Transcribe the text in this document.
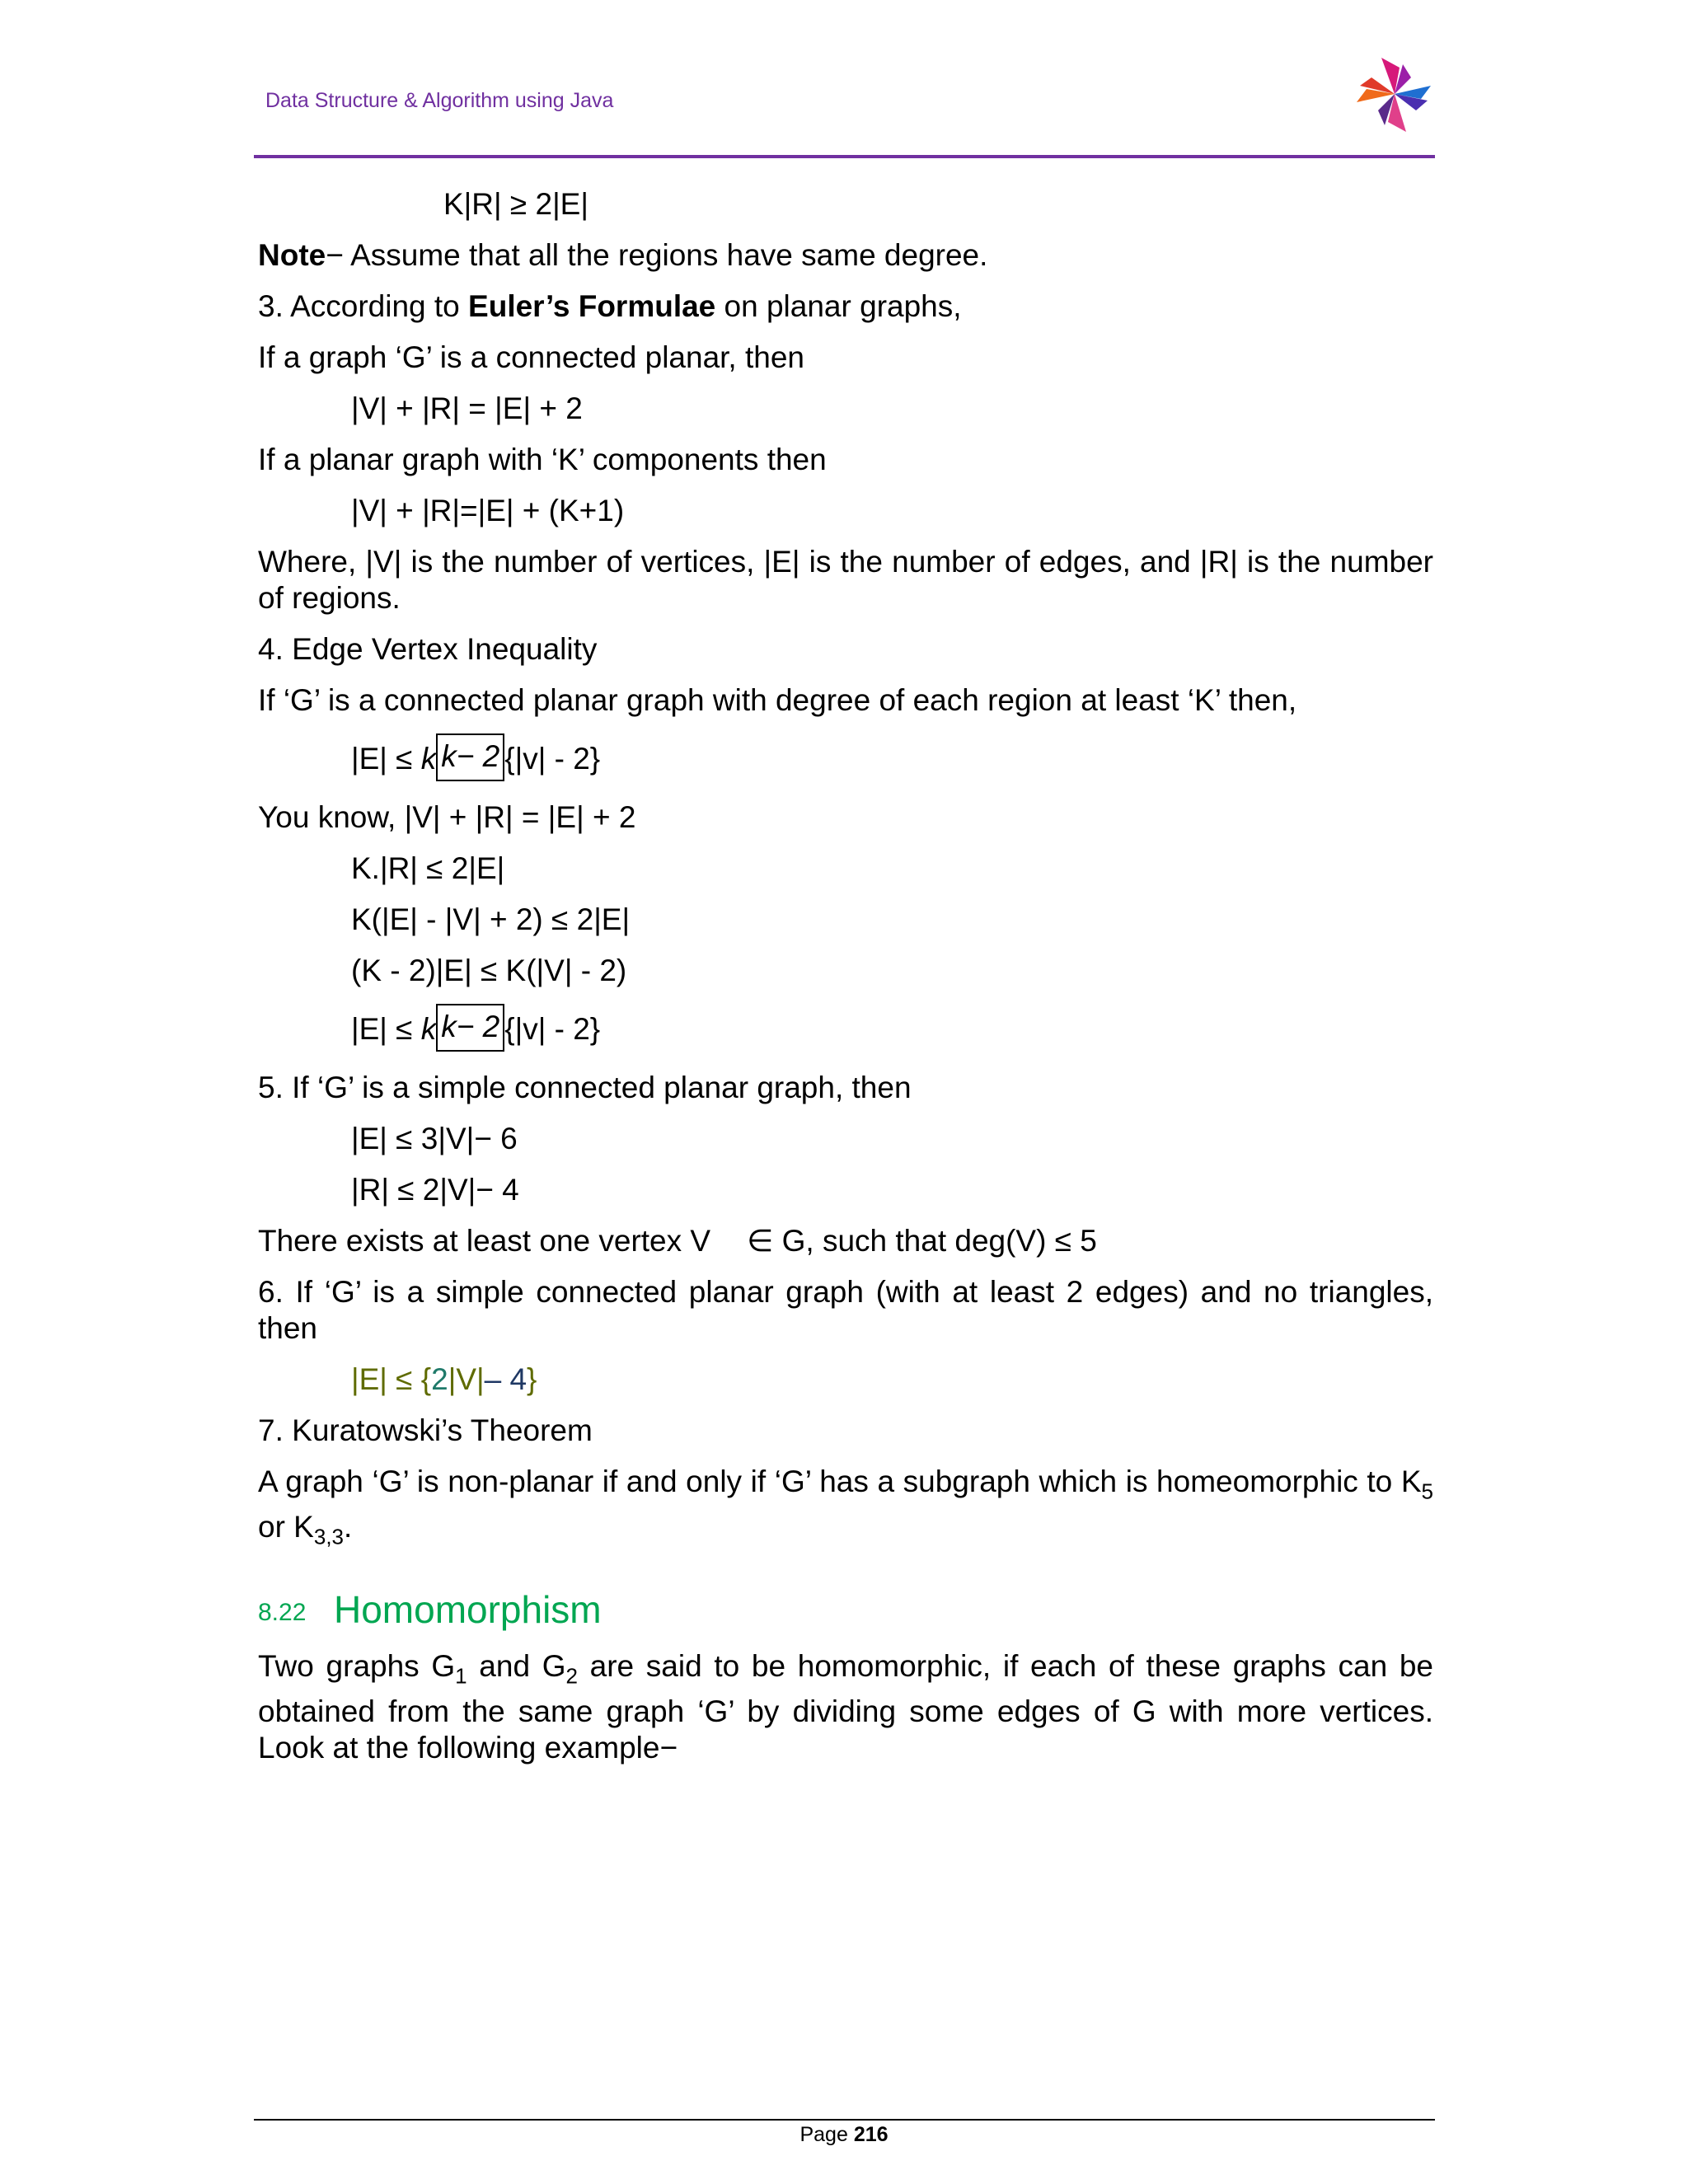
Data Structure & Algorithm using Java
K|R| ≥ 2|E|
Note− Assume that all the regions have same degree.
3. According to Euler’s Formulae on planar graphs,
If a graph ‘G’ is a connected planar, then
|V| + |R| = |E| + 2
If a planar graph with ‘K’ components then
|V| + |R|=|E| + (K+1)
Where, |V| is the number of vertices, |E| is the number of edges, and |R| is the number of regions.
4. Edge Vertex Inequality
If ‘G’ is a connected planar graph with degree of each region at least ‘K’ then,
|E| ≤ k k− 2 {|v| - 2}
You know, |V| + |R| = |E| + 2
K.|R| ≤ 2|E|
K(|E| - |V| + 2) ≤ 2|E|
(K - 2)|E| ≤ K(|V| - 2)
|E| ≤ k k− 2 {|v| - 2}
5. If ‘G’ is a simple connected planar graph, then
|E| ≤ 3|V|− 6
|R| ≤ 2|V|− 4
There exists at least one vertex V ∈ G, such that deg(V) ≤ 5
6. If ‘G’ is a simple connected planar graph (with at least 2 edges) and no triangles, then
|E| ≤ {2|V|– 4}
7. Kuratowski’s Theorem
A graph ‘G’ is non-planar if and only if ‘G’ has a subgraph which is homeomorphic to $K_5$ or $K_{3,3}$.
8.22 Homomorphism
Two graphs $G_1$ and $G_2$ are said to be homomorphic, if each of these graphs can be obtained from the same graph ‘G’ by dividing some edges of G with more vertices. Look at the following example−
Page 216
